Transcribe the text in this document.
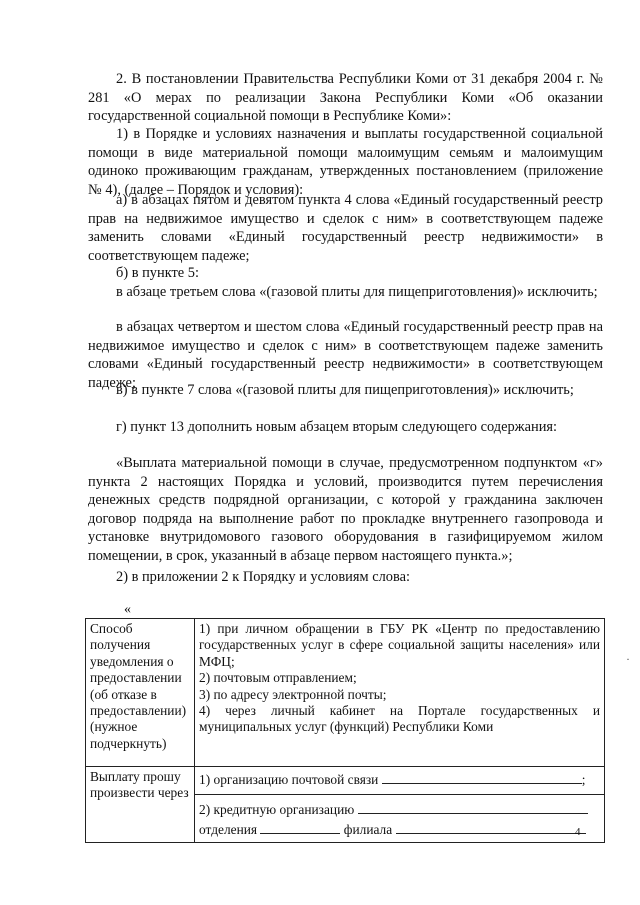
2. В постановлении Правительства Республики Коми от 31 декабря 2004 г. № 281 «О мерах по реализации Закона Республики Коми «Об оказании государственной социальной помощи в Республике Коми»:

1) в Порядке и условиях назначения и выплаты государственной социальной помощи в виде материальной помощи малоимущим семьям и малоимущим одиноко проживающим гражданам, утвержденных постановлением (приложение № 4), (далее – Порядок и условия):

а) в абзацах пятом и девятом пункта 4 слова «Единый государственный реестр прав на недвижимое имущество и сделок с ним» в соответствующем падеже заменить словами «Единый государственный реестр недвижимости» в соответствующем падеже;

б) в пункте 5:

в абзаце третьем слова «(газовой плиты для пищеприготовления)» исключить;

в абзацах четвертом и шестом слова «Единый государственный реестр прав на недвижимое имущество и сделок с ним» в соответствующем падеже заменить словами «Единый государственный реестр недвижимости» в соответствующем падеже;

в) в пункте 7 слова «(газовой плиты для пищеприготовления)» исключить;

г) пункт 13 дополнить новым абзацем вторым следующего содержания:

«Выплата материальной помощи в случае, предусмотренном подпунктом «г» пункта 2 настоящих Порядка и условий, производится путем перечисления денежных средств подрядной организации, с которой у гражданина заключен договор подряда на выполнение работ по прокладке внутреннего газопровода и установке внутридомового газового оборудования в газифицируемом жилом помещении, в срок, указанный в абзаце первом настоящего пункта.»;

2) в приложении 2 к Порядку и условиям слова:

«
Способ получения уведомления о предоставлении (об отказе в предоставлении) (нужное подчеркнуть)	1) при личном обращении в ГБУ РК «Центр по предоставлению государственных услуг в сфере социальной защиты населения» или МФЦ;

2) почтовым отправлением;

3) по адресу электронной почты;

4) через личный кабинет на Портале государственных и муниципальных услуг (функций) Республики Коми

Выплату прошу произвести через	1) организацию почтовой связи ;
2) кредитную организацию
отделения филиала
·
4
